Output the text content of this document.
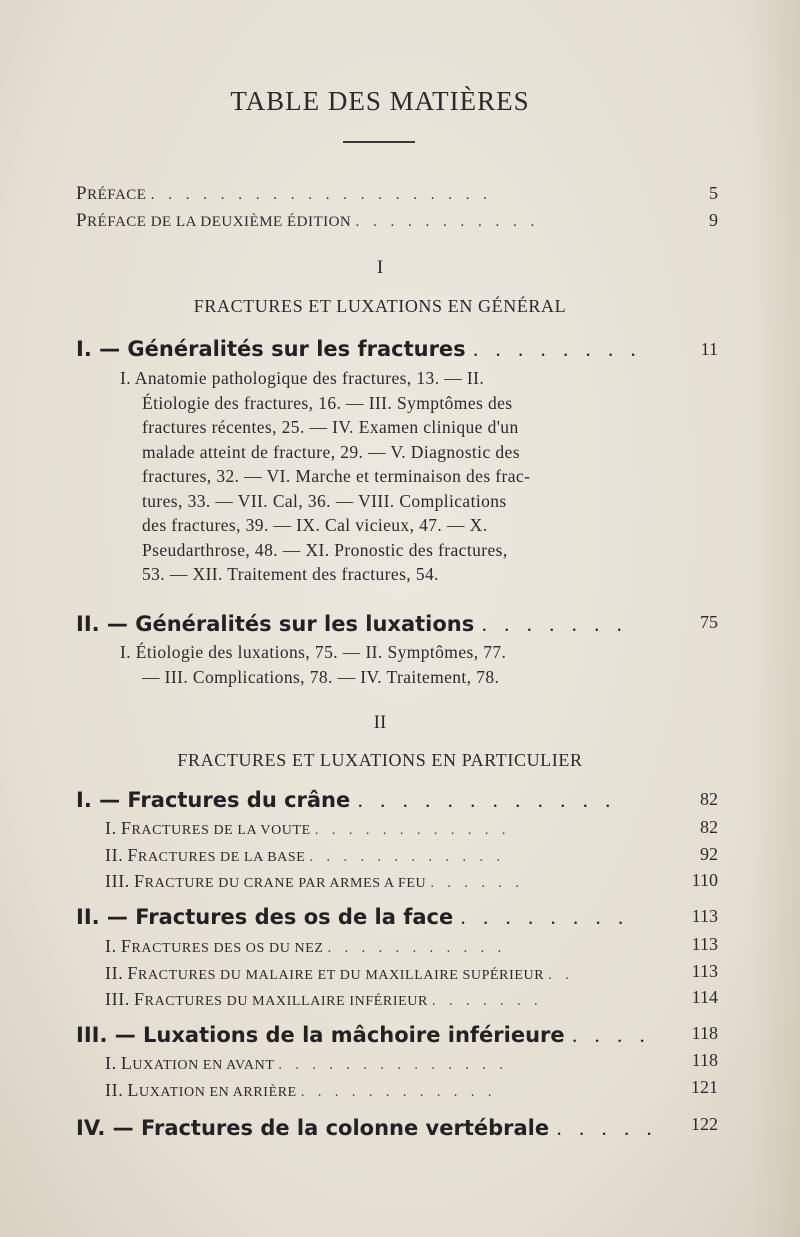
TABLE DES MATIÈRES
PRÉFACE . . . . . . . . . . . . . . . . . . . .	5
PRÉFACE DE LA DEUXIÈME ÉDITION . . . . . . . . . . .	9
I
FRACTURES ET LUXATIONS EN GÉNÉRAL
I. — Généralités sur les fractures . . . . . . . .	11

I. Anatomie pathologique des fractures, 13. — II.

Étiologie des fractures, 16. — III. Symptômes des

fractures récentes, 25. — IV. Examen clinique d'un

malade atteint de fracture, 29. — V. Diagnostic des

fractures, 32. — VI. Marche et terminaison des frac-

tures, 33. — VII. Cal, 36. — VIII. Complications

des fractures, 39. — IX. Cal vicieux, 47. — X.

Pseudarthrose, 48. — XI. Pronostic des fractures,

53. — XII. Traitement des fractures, 54.

II. — Généralités sur les luxations . . . . . . .	75

I. Étiologie des luxations, 75. — II. Symptômes, 77.

— III. Complications, 78. — IV. Traitement, 78.

II
FRACTURES ET LUXATIONS EN PARTICULIER
I. — Fractures du crâne . . . . . . . . . . . .	82
I. FRACTURES DE LA VOUTE . . . . . . . . . . . .	82
II. FRACTURES DE LA BASE . . . . . . . . . . . .	92
III. FRACTURE DU CRANE PAR ARMES A FEU . . . . . .	110
II. — Fractures des os de la face . . . . . . . .	113
I. FRACTURES DES OS DU NEZ . . . . . . . . . . .	113
II. FRACTURES DU MALAIRE ET DU MAXILLAIRE SUPÉRIEUR . .	113
III. FRACTURES DU MAXILLAIRE INFÉRIEUR . . . . . . .	114
III. — Luxations de la mâchoire inférieure . . . . 118
I. LUXATION EN AVANT . . . . . . . . . . . . . .	118
II. LUXATION EN ARRIÈRE . . . . . . . . . . . .	121
IV. — Fractures de la colonne vertébrale . . . . . 122
